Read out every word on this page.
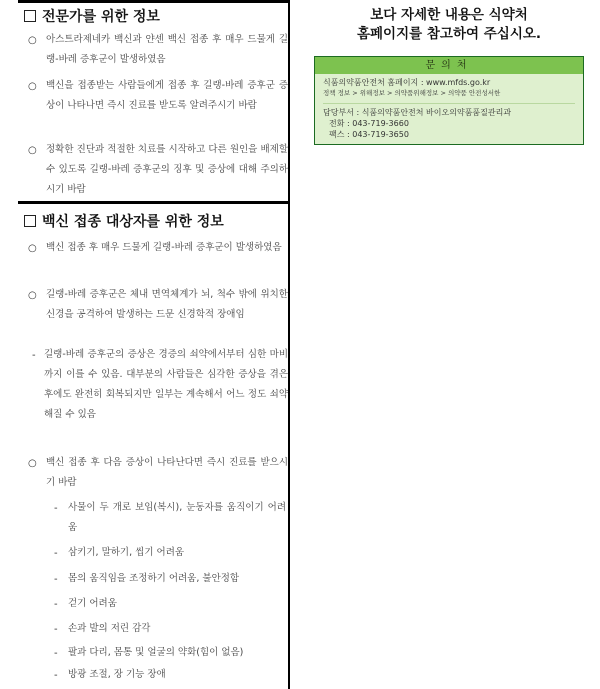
전문가를 위한 정보
○ 아스트라제네카 백신과 얀센 백신 접종 후 매우 드물게 길랭-바레 증후군이 발생하였음
○ 백신을 접종받는 사람들에게 접종 후 길랭-바레 증후군 증상이 나타나면 즉시 진료를 받도록 알려주시기 바람
○ 정확한 진단과 적절한 치료를 시작하고 다른 원인을 배제할 수 있도록 길랭-바레 증후군의 징후 및 증상에 대해 주의하시기 바람
백신 접종 대상자를 위한 정보
○ 백신 접종 후 매우 드물게 길랭-바레 증후군이 발생하였음
○ 길랭-바레 증후군은 체내 면역체계가 뇌, 척수 밖에 위치한 신경을 공격하여 발생하는 드문 신경학적 장애임
- 길랭-바레 증후군의 증상은 경증의 쇠약에서부터 심한 마비까지 이를 수 있음. 대부분의 사람들은 심각한 증상을 겪은 후에도 완전히 회복되지만 일부는 계속해서 어느 정도 쇠약해질 수 있음
○ 백신 접종 후 다음 증상이 나타난다면 즉시 진료를 받으시기 바람
- 사물이 두 개로 보임(복시), 눈동자를 움직이기 어려움
- 삼키기, 말하기, 씹기 어려움
- 몸의 움직임을 조정하기 어려움, 불안정함
- 걷기 어려움
- 손과 발의 저린 감각
- 팔과 다리, 몸통 및 얼굴의 약화(힘이 없음)
- 방광 조절, 장 기능 장애
보다 자세한 내용은 식약처
홈페이지를 참고하여 주십시오.
문의처
식품의약품안전처 홈페이지 : www.mfds.go.kr
정책 정보 > 위해정보 > 의약품위해정보 > 의약품 안전성서한
담당부서 : 식품의약품안전처 바이오의약품품질관리과
전화 : 043-719-3660
팩스 : 043-719-3650
